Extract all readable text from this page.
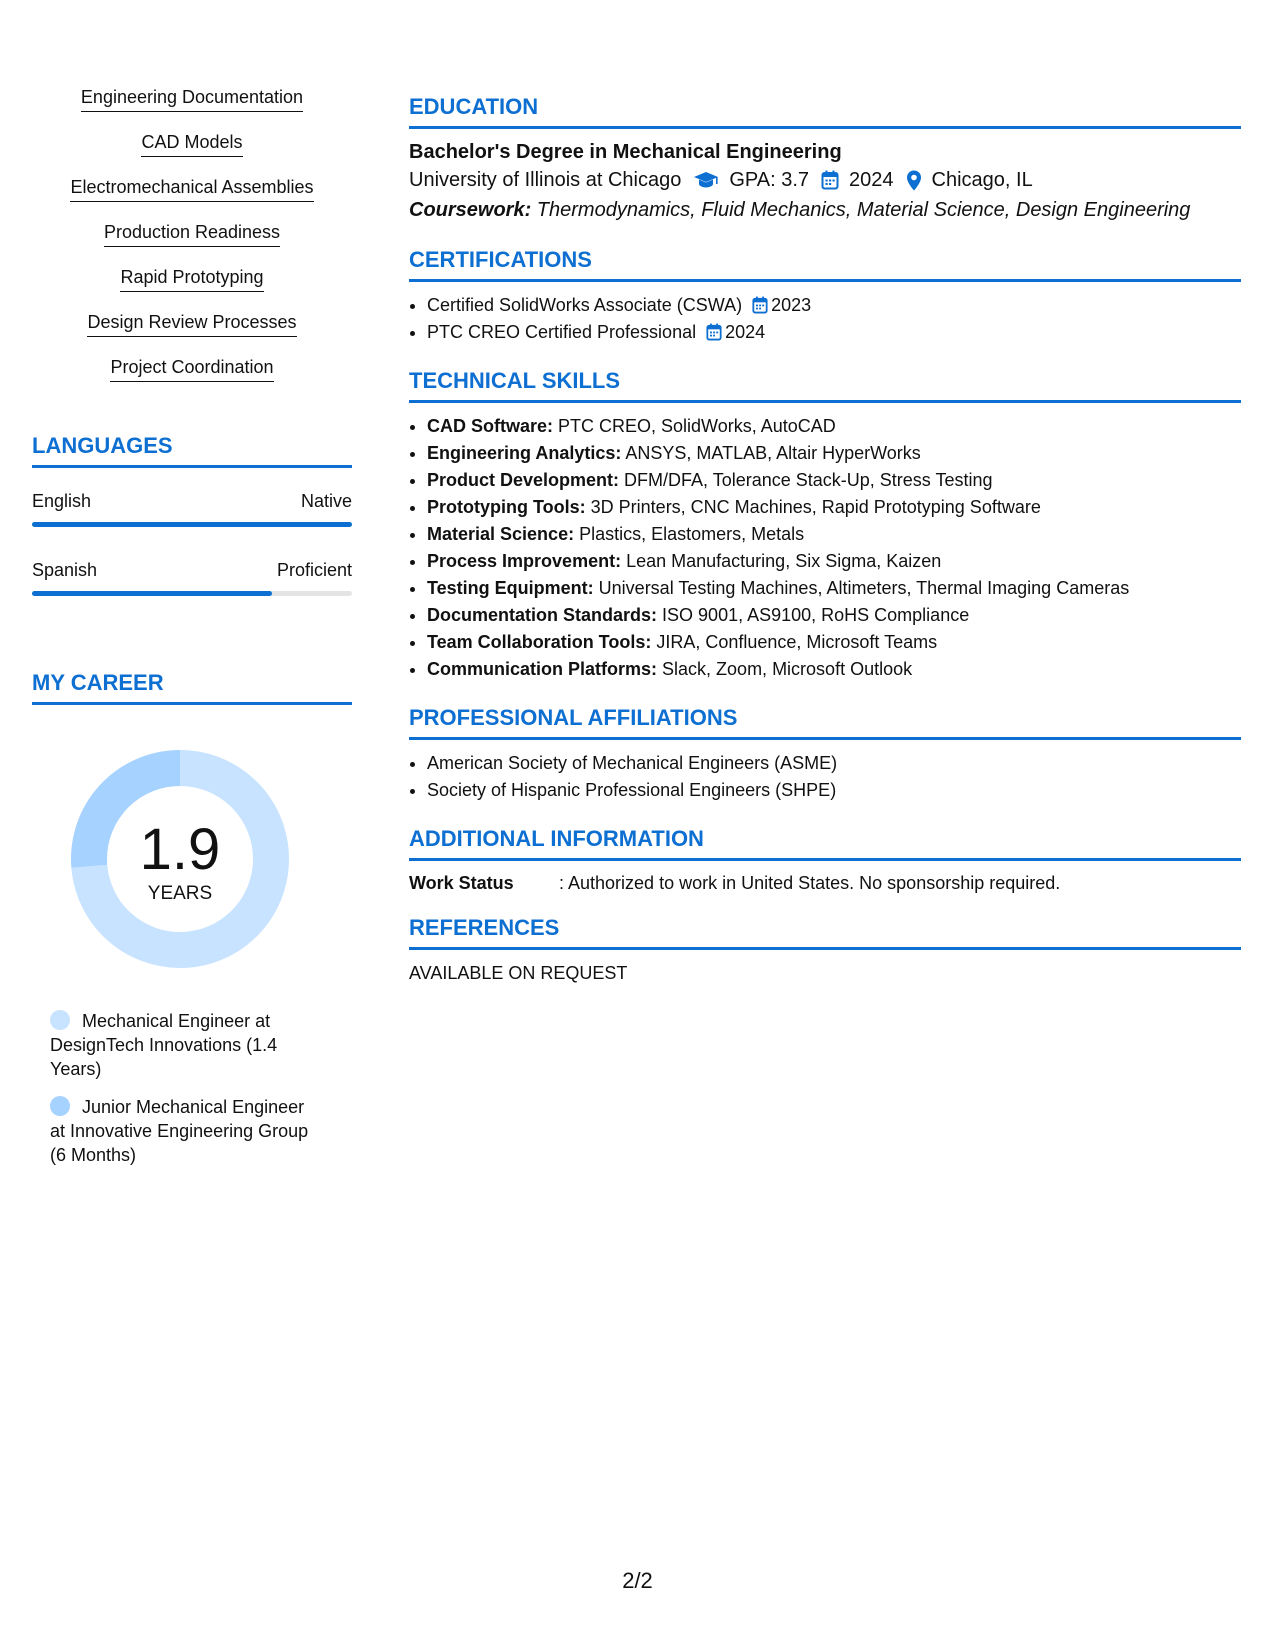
Engineering Documentation
CAD Models
Electromechanical Assemblies
Production Readiness
Rapid Prototyping
Design Review Processes
Project Coordination
LANGUAGES
English	Native
Spanish	Proficient
MY CAREER
1.9
YEARS
Mechanical Engineer at DesignTech Innovations (1.4 Years)
Junior Mechanical Engineer at Innovative Engineering Group (6 Months)
EDUCATION
Bachelor's Degree in Mechanical Engineering
University of Illinois at Chicago GPA: 3.7 2024 Chicago, IL
Coursework: Thermodynamics, Fluid Mechanics, Material Science, Design Engineering
CERTIFICATIONS
• Certified SolidWorks Associate (CSWA) 2023
• PTC CREO Certified Professional 2024
TECHNICAL SKILLS
• CAD Software: PTC CREO, SolidWorks, AutoCAD
• Engineering Analytics: ANSYS, MATLAB, Altair HyperWorks
• Product Development: DFM/DFA, Tolerance Stack-Up, Stress Testing
• Prototyping Tools: 3D Printers, CNC Machines, Rapid Prototyping Software
• Material Science: Plastics, Elastomers, Metals
• Process Improvement: Lean Manufacturing, Six Sigma, Kaizen
• Testing Equipment: Universal Testing Machines, Altimeters, Thermal Imaging Cameras
• Documentation Standards: ISO 9001, AS9100, RoHS Compliance
• Team Collaboration Tools: JIRA, Confluence, Microsoft Teams
• Communication Platforms: Slack, Zoom, Microsoft Outlook
PROFESSIONAL AFFILIATIONS
• American Society of Mechanical Engineers (ASME)
• Society of Hispanic Professional Engineers (SHPE)
ADDITIONAL INFORMATION
Work Status	: Authorized to work in United States. No sponsorship required.
REFERENCES
AVAILABLE ON REQUEST
2/2
